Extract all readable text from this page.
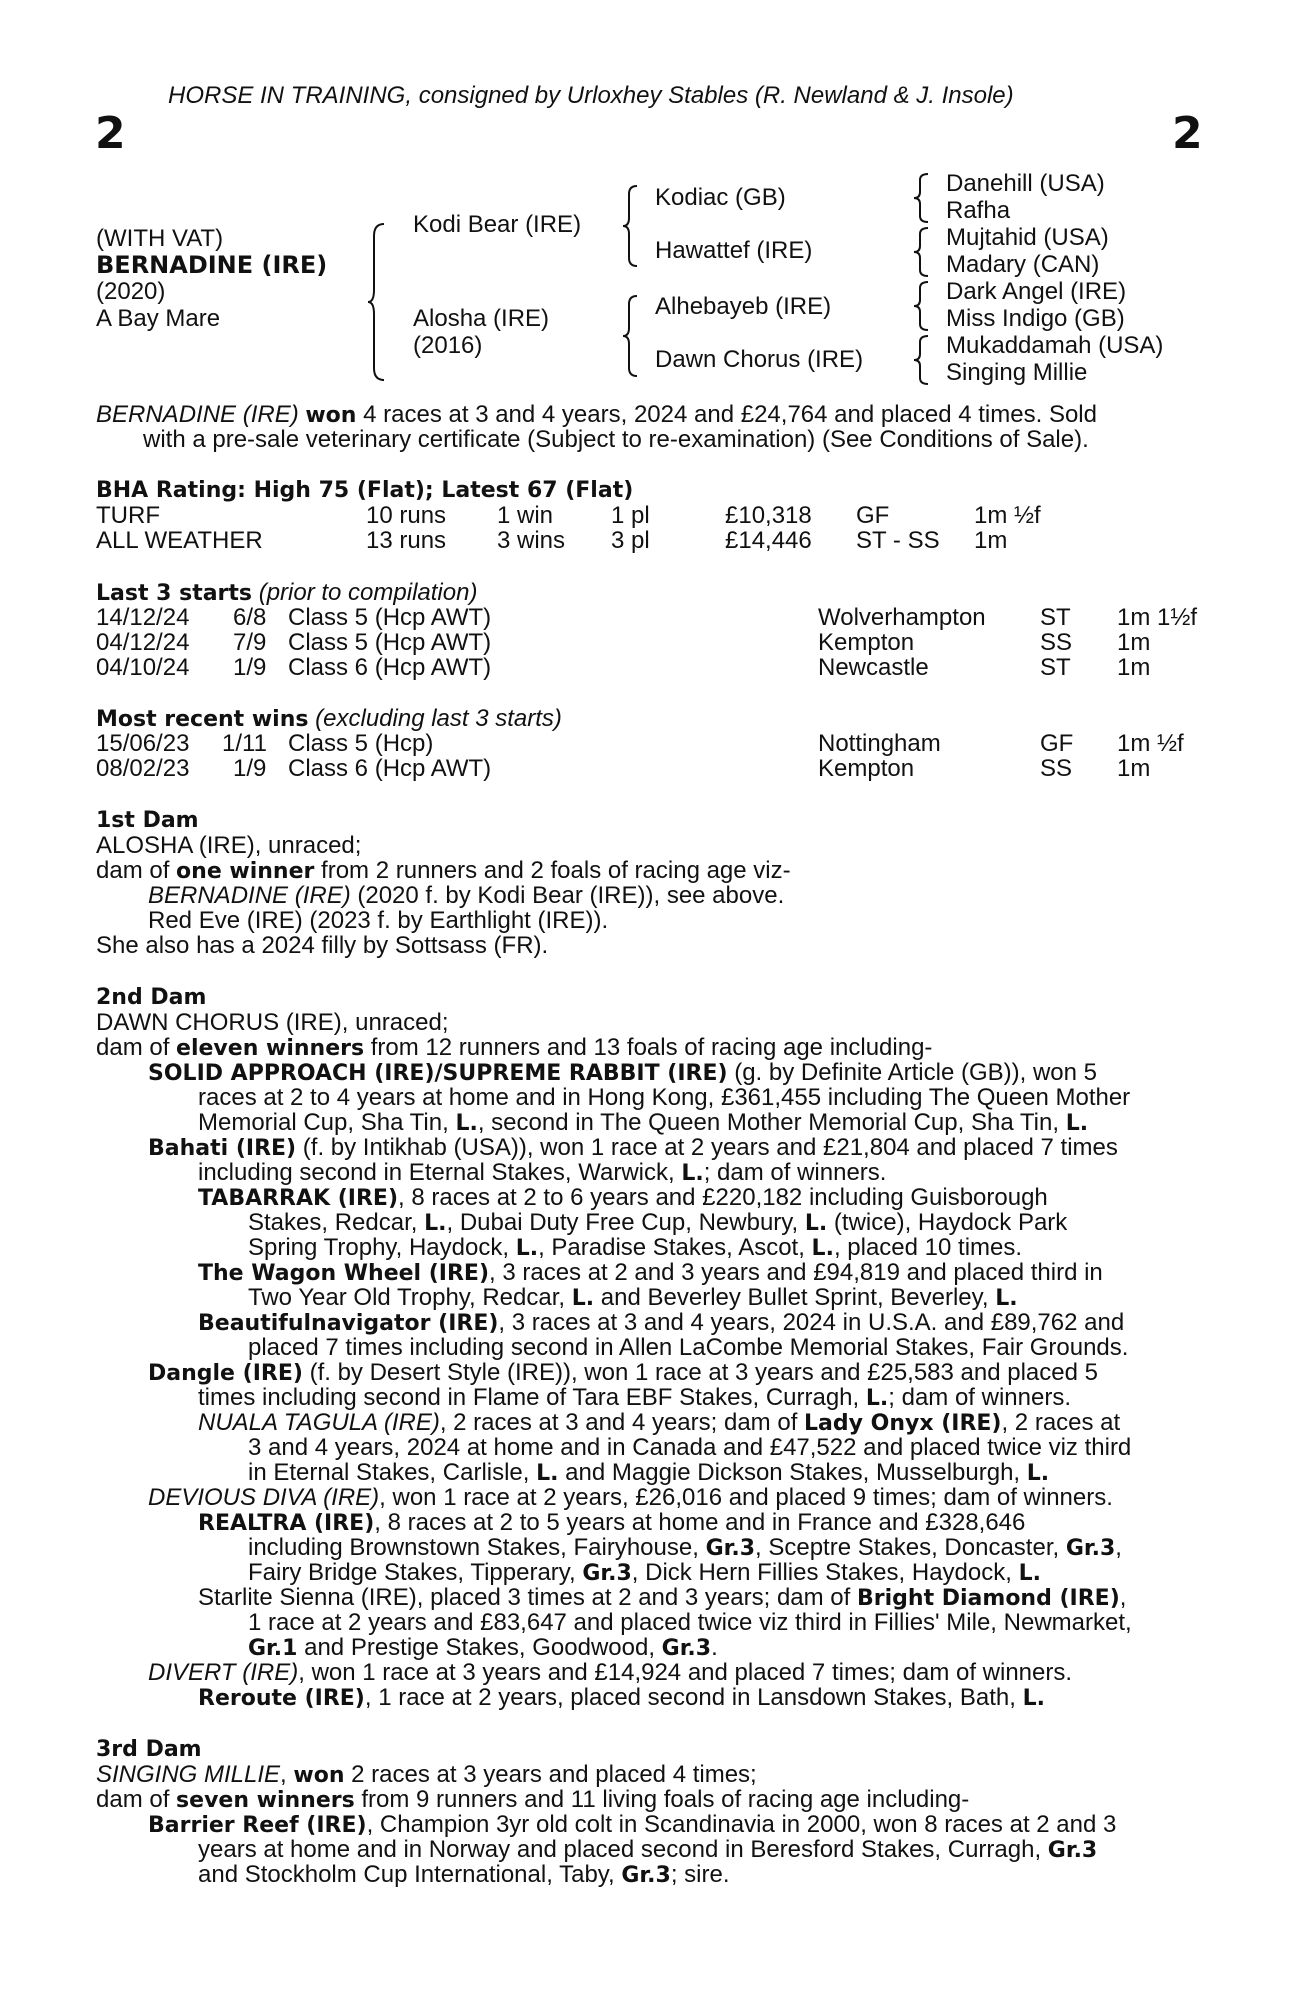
HORSE IN TRAINING, consigned by Urloxhey Stables (R. Newland & J. Insole)
2	2
(WITH VAT)
BERNADINE (IRE)
(2020)
A Bay Mare
Kodi Bear (IRE)
Alosha (IRE)
(2016)
Kodiac (GB)
Hawattef (IRE)
Alhebayeb (IRE)
Dawn Chorus (IRE)
Danehill (USA)
Rafha
Mujtahid (USA)
Madary (CAN)
Dark Angel (IRE)
Miss Indigo (GB)
Mukaddamah (USA)
Singing Millie
BERNADINE (IRE) won 4 races at 3 and 4 years, 2024 and £24,764 and placed 4 times. Sold
with a pre-sale veterinary certificate (Subject to re-examination) (See Conditions of Sale).
BHA Rating: High 75 (Flat); Latest 67 (Flat)
TURF	10 runs 1 win 1 pl	£10,318 GF	1m ½f
ALL WEATHER	13 runs 3 wins 3 pl	£14,446 ST - SS 1m
Last 3 starts (prior to compilation)
14/12/24 6/8 Class 5 (Hcp AWT)	Wolverhampton ST 1m 1½f
04/12/24 7/9 Class 5 (Hcp AWT)	Kempton	SS 1m
04/10/24 1/9 Class 6 (Hcp AWT)	Newcastle	ST 1m
Most recent wins (excluding last 3 starts)
15/06/23 1/11 Class 5 (Hcp)	Nottingham	GF 1m ½f
08/02/23 1/9 Class 6 (Hcp AWT)	Kempton	SS 1m
1st Dam
ALOSHA (IRE), unraced;
dam of one winner from 2 runners and 2 foals of racing age viz-
BERNADINE (IRE) (2020 f. by Kodi Bear (IRE)), see above.
Red Eve (IRE) (2023 f. by Earthlight (IRE)).
She also has a 2024 filly by Sottsass (FR).
2nd Dam
DAWN CHORUS (IRE), unraced;
dam of eleven winners from 12 runners and 13 foals of racing age including-
SOLID APPROACH (IRE)/SUPREME RABBIT (IRE) (g. by Definite Article (GB)), won 5
races at 2 to 4 years at home and in Hong Kong, £361,455 including The Queen Mother
Memorial Cup, Sha Tin, L., second in The Queen Mother Memorial Cup, Sha Tin, L.
Bahati (IRE) (f. by Intikhab (USA)), won 1 race at 2 years and £21,804 and placed 7 times
including second in Eternal Stakes, Warwick, L.; dam of winners.
TABARRAK (IRE), 8 races at 2 to 6 years and £220,182 including Guisborough
Stakes, Redcar, L., Dubai Duty Free Cup, Newbury, L. (twice), Haydock Park
Spring Trophy, Haydock, L., Paradise Stakes, Ascot, L., placed 10 times.
The Wagon Wheel (IRE), 3 races at 2 and 3 years and £94,819 and placed third in
Two Year Old Trophy, Redcar, L. and Beverley Bullet Sprint, Beverley, L.
Beautifulnavigator (IRE), 3 races at 3 and 4 years, 2024 in U.S.A. and £89,762 and
placed 7 times including second in Allen LaCombe Memorial Stakes, Fair Grounds.
Dangle (IRE) (f. by Desert Style (IRE)), won 1 race at 3 years and £25,583 and placed 5
times including second in Flame of Tara EBF Stakes, Curragh, L.; dam of winners.
NUALA TAGULA (IRE), 2 races at 3 and 4 years; dam of Lady Onyx (IRE), 2 races at
3 and 4 years, 2024 at home and in Canada and £47,522 and placed twice viz third
in Eternal Stakes, Carlisle, L. and Maggie Dickson Stakes, Musselburgh, L.
DEVIOUS DIVA (IRE), won 1 race at 2 years, £26,016 and placed 9 times; dam of winners.
REALTRA (IRE), 8 races at 2 to 5 years at home and in France and £328,646
including Brownstown Stakes, Fairyhouse, Gr.3, Sceptre Stakes, Doncaster, Gr.3,
Fairy Bridge Stakes, Tipperary, Gr.3, Dick Hern Fillies Stakes, Haydock, L.
Starlite Sienna (IRE), placed 3 times at 2 and 3 years; dam of Bright Diamond (IRE),
1 race at 2 years and £83,647 and placed twice viz third in Fillies' Mile, Newmarket,
Gr.1 and Prestige Stakes, Goodwood, Gr.3.
DIVERT (IRE), won 1 race at 3 years and £14,924 and placed 7 times; dam of winners.
Reroute (IRE), 1 race at 2 years, placed second in Lansdown Stakes, Bath, L.
3rd Dam
SINGING MILLIE, won 2 races at 3 years and placed 4 times;
dam of seven winners from 9 runners and 11 living foals of racing age including-
Barrier Reef (IRE), Champion 3yr old colt in Scandinavia in 2000, won 8 races at 2 and 3
years at home and in Norway and placed second in Beresford Stakes, Curragh, Gr.3
and Stockholm Cup International, Taby, Gr.3; sire.
